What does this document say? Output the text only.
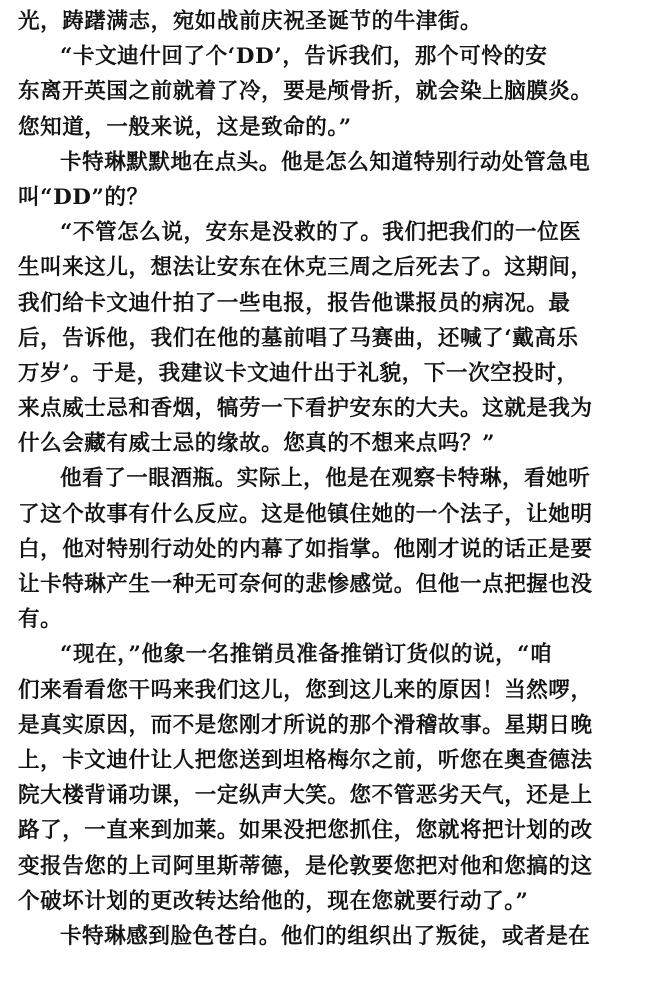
光，踌躇满志，宛如战前庆祝圣诞节的牛津街。
“卡文迪什回了个‘DD’，告诉我们，那个可怜的安
东离开英国之前就着了冷，要是颅骨折，就会染上脑膜炎。
您知道，一般来说，这是致命的。”
卡特琳默默地在点头。他是怎么知道特别行动处管急电
叫“DD”的？
“不管怎么说，安东是没救的了。我们把我们的一位医
生叫来这儿，想法让安东在休克三周之后死去了。这期间，
我们给卡文迪什拍了一些电报，报告他谍报员的病况。最
后，告诉他，我们在他的墓前唱了马赛曲，还喊了‘戴高乐
万岁’。于是，我建议卡文迪什出于礼貌，下一次空投时，
来点威士忌和香烟，犒劳一下看护安东的大夫。这就是我为
什么会藏有威士忌的缘故。您真的不想来点吗？”
他看了一眼酒瓶。实际上，他是在观察卡特琳，看她听
了这个故事有什么反应。这是他镇住她的一个法子，让她明
白，他对特别行动处的内幕了如指掌。他刚才说的话正是要
让卡特琳产生一种无可奈何的悲惨感觉。但他一点把握也没
有。
“现在，”他象一名推销员准备推销订货似的说，“咱
们来看看您干吗来我们这儿，您到这儿来的原因！当然啰，
是真实原因，而不是您刚才所说的那个滑稽故事。星期日晚
上，卡文迪什让人把您送到坦格梅尔之前，听您在奥查德法
院大楼背诵功课，一定纵声大笑。您不管恶劣天气，还是上
路了，一直来到加莱。如果没把您抓住，您就将把计划的改
变报告您的上司阿里斯蒂德，是伦敦要您把对他和您搞的这
个破坏计划的更改转达给他的，现在您就要行动了。”
卡特琳感到脸色苍白。他们的组织出了叛徒，或者是在
